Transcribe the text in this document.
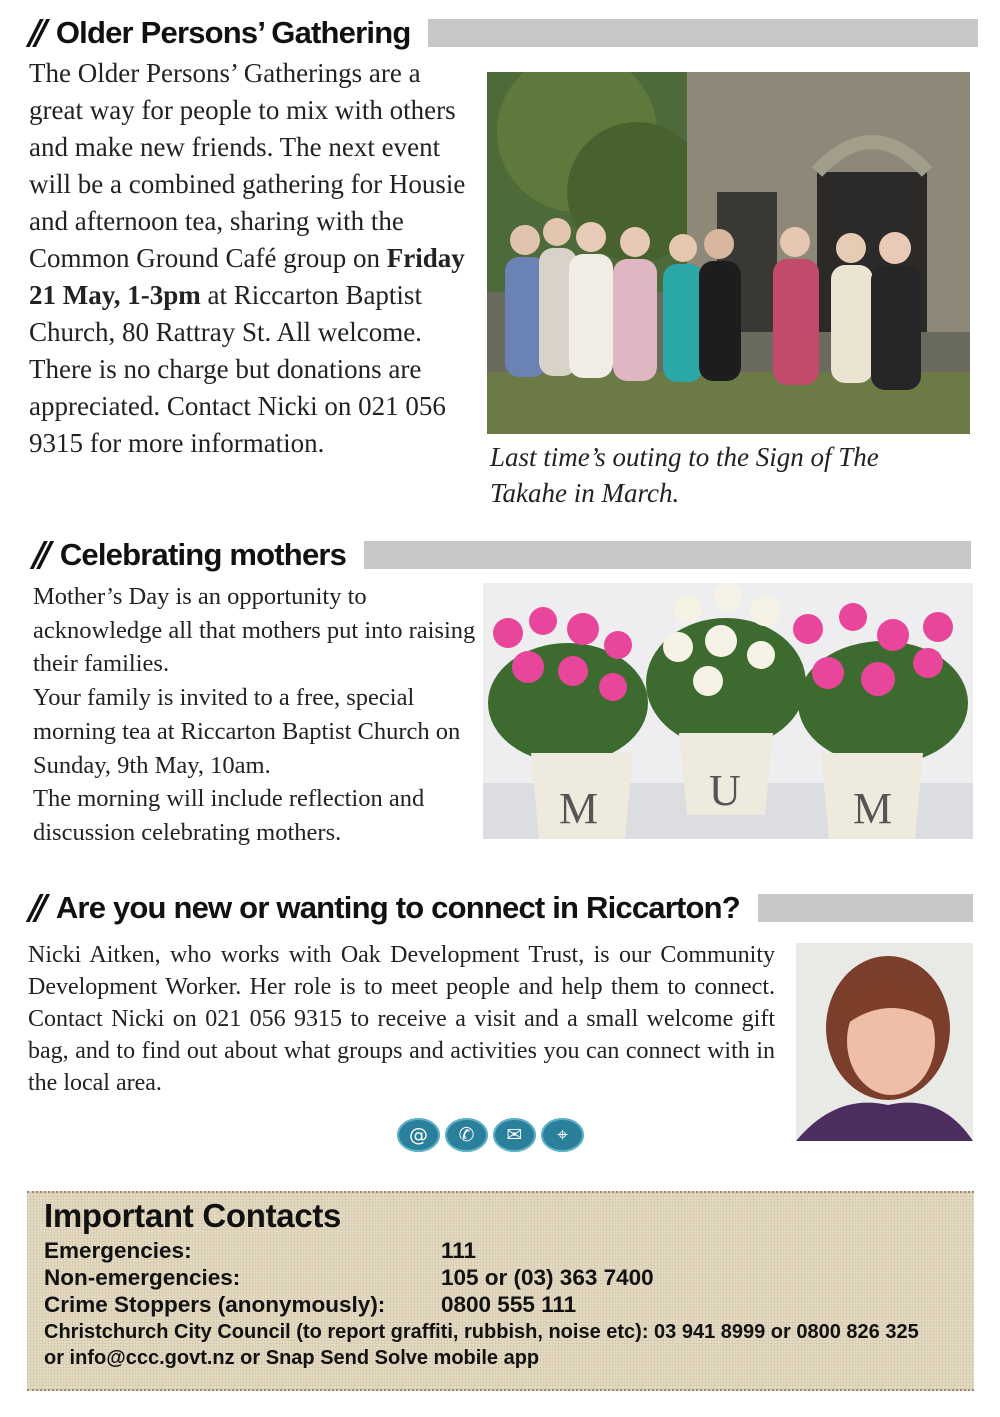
// Older Persons’ Gathering
The Older Persons’ Gatherings are a great way for people to mix with others and make new friends. The next event will be a combined gathering for Housie and afternoon tea, sharing with the Common Ground Café group on Friday 21 May, 1-3pm at Riccarton Baptist Church, 80 Rattray St. All welcome. There is no charge but donations are appreciated. Contact Nicki on 021 056 9315 for more information.	Last time’s outing to the Sign of The Takahe in March.
// Celebrating mothers

Mother’s Day is an opportunity to acknowledge all that mothers put into raising their families.

Your family is invited to a free, special morning tea at Riccarton Baptist Church on Sunday, 9th May, 10am.

The morning will include reflection and discussion celebrating mothers.	M	U	M
// Are you new or wanting to connect in Riccarton?
Nicki Aitken, who works with Oak Development Trust, is our Community Development Worker. Her role is to meet people and help them to connect. Contact Nicki on 021 056 9315 to receive a visit and a small welcome gift bag, and to find out about what groups and activities you can connect with in the local area.
@	✆	✉	⌖
Important Contacts
Emergencies:	111
Non-emergencies:	105 or (03) 363 7400
Crime Stoppers (anonymously): 0800 555 111
Christchurch City Council (to report graffiti, rubbish, noise etc): 03 941 8999 or 0800 826 325 or info@ccc.govt.nz or Snap Send Solve mobile app
